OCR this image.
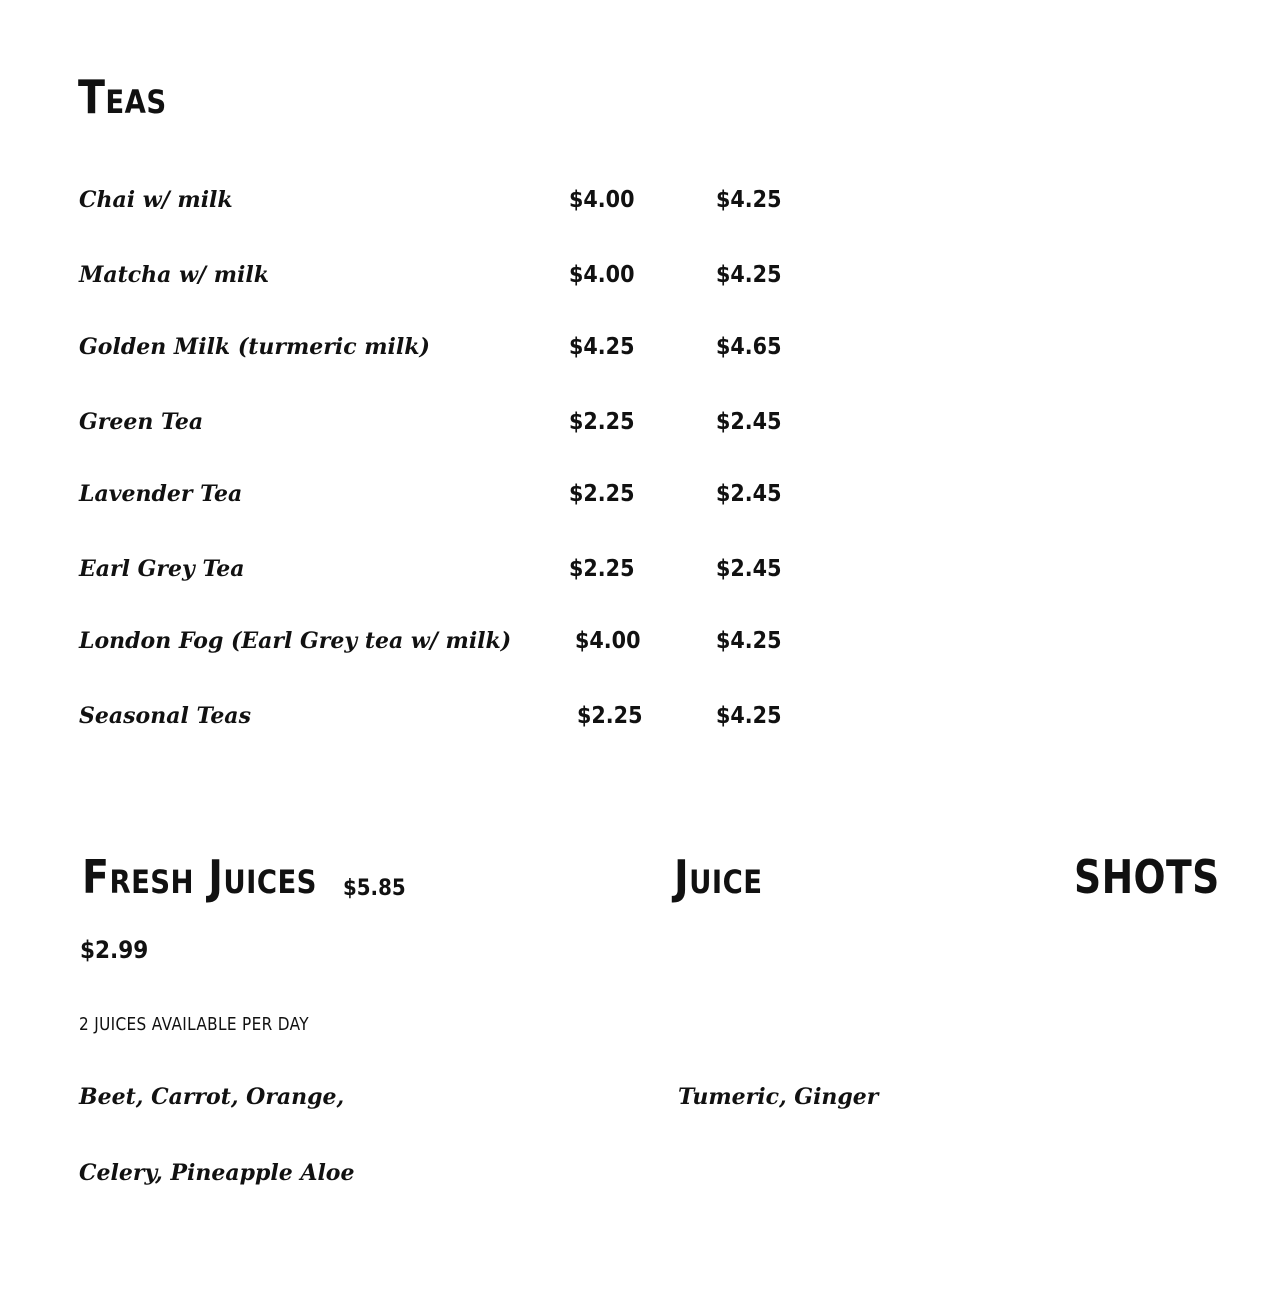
Teas
Chai w/ milk	$4.00	$4.25
Matcha w/ milk	$4.00	$4.25
Golden Milk (turmeric milk)	$4.25	$4.65
Green Tea	$2.25	$2.45
Lavender Tea	$2.25	$2.45
Earl Grey Tea	$2.25	$2.45
London Fog (Earl Grey tea w/ milk)	$4.00	$4.25
Seasonal Teas	$2.25	$4.25
Fresh Juices $5.85	Juice	SHOTS
$2.99
2 JUICES AVAILABLE PER DAY
Beet, Carrot, Orange,
Celery, Pineapple Aloe
Tumeric, Ginger
